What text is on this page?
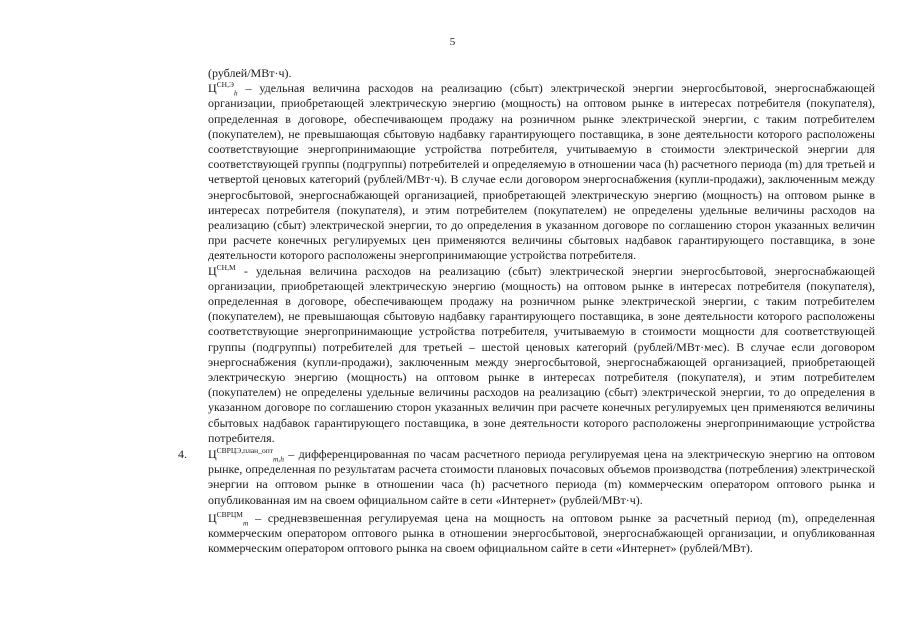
5

(рублей/МВт·ч).

$Ц^{СН,Э}_h$ – удельная величина расходов на реализацию (сбыт) электрической энергии энергосбытовой, энергоснабжающей организации, приобретающей электрическую энергию (мощность) на оптовом рынке в интересах потребителя (покупателя), определенная в договоре, обеспечивающем продажу на розничном рынке электрической энергии, с таким потребителем (покупателем), не превышающая сбытовую надбавку гарантирующего поставщика, в зоне деятельности которого расположены соответствующие энергопринимающие устройства потребителя, учитываемую в стоимости электрической энергии для соответствующей группы (подгруппы) потребителей и определяемую в отношении часа (h) расчетного периода (m) для третьей и четвертой ценовых категорий (рублей/МВт·ч). В случае если договором энергоснабжения (купли-продажи), заключенным между энергосбытовой, энергоснабжающей организацией, приобретающей электрическую энергию (мощность) на оптовом рынке в интересах потребителя (покупателя), и этим потребителем (покупателем) не определены удельные величины расходов на реализацию (сбыт) электрической энергии, то до определения в указанном договоре по соглашению сторон указанных величин при расчете конечных регулируемых цен применяются величины сбытовых надбавок гарантирующего поставщика, в зоне деятельности которого расположены энергопринимающие устройства потребителя.

$Ц^{СН,М}$ - удельная величина расходов на реализацию (сбыт) электрической энергии энергосбытовой, энергоснабжающей организации, приобретающей электрическую энергию (мощность) на оптовом рынке в интересах потребителя (покупателя), определенная в договоре, обеспечивающем продажу на розничном рынке электрической энергии, с таким потребителем (покупателем), не превышающая сбытовую надбавку гарантирующего поставщика, в зоне деятельности которого расположены соответствующие энергопринимающие устройства потребителя, учитываемую в стоимости мощности для соответствующей группы (подгруппы) потребителей для третьей – шестой ценовых категорий (рублей/МВт·мес). В случае если договором энергоснабжения (купли-продажи), заключенным между энергосбытовой, энергоснабжающей организацией, приобретающей электрическую энергию (мощность) на оптовом рынке в интересах потребителя (покупателя), и этим потребителем (покупателем) не определены удельные величины расходов на реализацию (сбыт) электрической энергии, то до определения в указанном договоре по соглашению сторон указанных величин при расчете конечных регулируемых цен применяются величины сбытовых надбавок гарантирующего поставщика, в зоне деятельности которого расположены энергопринимающие устройства потребителя.

4. $Ц^{СВРЦЭ,план\_опт}_{m,h}$ – дифференцированная по часам расчетного периода регулируемая цена на электрическую энергию на оптовом рынке, определенная по результатам расчета стоимости плановых почасовых объемов производства (потребления) электрической энергии на оптовом рынке в отношении часа (h) расчетного периода (m) коммерческим оператором оптового рынка и опубликованная им на своем официальном сайте в сети «Интернет» (рублей/МВт·ч).

$Ц^{СВРЦМ}_m$ – средневзвешенная регулируемая цена на мощность на оптовом рынке за расчетный период (m), определенная коммерческим оператором оптового рынка в отношении энергосбытовой, энергоснабжающей организации, и опубликованная коммерческим оператором оптового рынка на своем официальном сайте в сети «Интернет» (рублей/МВт).
